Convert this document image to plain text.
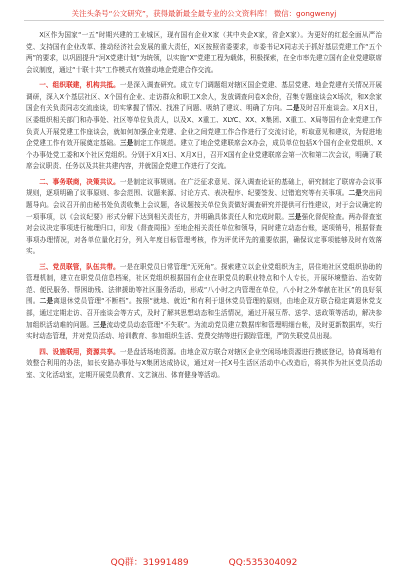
关注头条号“公文研究”，获得最新最全最专业的公文资料库！ 微信：gongwenyj

X区作为国家“一五”时期兴建的工业城区，现有国有企业X家（其中央企X家，省企X家）。为更好的红起全面从严治党、支持国有企业改革、推动经济社会发展的重大责任，X区按照省委要求，市委书记X同志关于抓好基层党建工作“五个两”的要求，以巩固提升“河X党建计划”为统领，以实施“X”党建工程为载体，积极探索，在全市率先建立国有企业党建联席会议制度，通过“十联十共”工作模式有效推动地企党建合作交流。

一、组织联建，机构共抵。一是深入调查研究。成立专门调题组对辖区国企党建、基层党建、地企党建有关情况开展调研，深入X个基层社区、X个国有企业、走访群众和职工X余人，发放调查问卷X余份，召集专题座谈会X场次，和X余家国企有关负责同志交流座谈，切实掌握了情况、找准了问题、吸纳了建议、明确了方向。二是及时召开座谈会。X月X日，区委组织相关部门和办事处、社区等单位负责人，以及X、X重工、XLYC、XX、X集团、X重工、X局等国有企业党建工作负责人开展党建工作座谈会，就如何加强企业党建、企业之间党建工作合作进行了交流讨论，听取意见和建议，为促进地企党建工作有效开展奠定基础。三是制定工作规范。建立了地企党建联席会X办会，成员单位包括X个国有企业党组织、X个办事处党工委和X个社区党组织。分别于X月X日、X月X日，召开X国有企业党建联席会第一次和第二次会议，明确了联席会议职责、任务以及共驻共建内容，并就国企党建工作进行了交流。

二、事务联商，决策共议。一是制定议事规则。在广泛征求意见、深入调查论证的基础上，研究制定了联席办会议事规则，逐项明确了议事原则、参会范围、议题来源、讨论方式、表决程序、纪要签发、过错追究等有关事项。二是突出问题导向。会议召开前由秘书处负责收集上会议题，各议题按关单位负责做好调查研究并提供可行性建议，对于会议确定的一项事项，以《会议纪要》形式分解下达到相关责任方，并明确具体责任人和完成时限。三是强化督促检查。两办督查室对会议决定事项进行梳理归口，印发《督查周报》至地企相关责任单位和领导，同时建立动态台账，逐项销号，根据督查事项办理情况，对各单位量化打分，列入年度目标管理考核，作为评优评先的重要依据，确保议定事项能够及时有效落实。

三、党员联管，队伍共带。一是在职党员日常管理“无死角”。探索建立以企业党组织为主，居住地社区党组织协助的管理机制，建立在职党员信息档案，社区党组织根据国有企业在职党员的职业特点和个人专长，开展环境整治、治安防范、便民服务、帮困助残、法律援助等社区服务活动，形成“八小时之内管理在单位，八小时之外奉献在社区”的良好氛围。二是离退休党员管理“不断档”。按照“就地、就近”和有利于退休党员管理的原则，由地企双方联合稳定离退休党支部，通过定期走访、召开座谈会等方式，及时了解其思想动态和生活情况，通过开展互帮、送学、送政策等活动，解决参加组织活动难的问题。三是流动党员动态管理“不失联”。为流动党员建立数据库和管理明细台帐，及时更新数据库，实行实时动态管理，并对党员活动、培训教育、参加组织生活、党费交纳等进行跟踪管理，严防失联党员出现。

四、设施联用，资源共享。一是盘活场地资源。由地企双方联合对辖区企业空闲场地资源进行摸底登记，协商场地有效整合利用的办法，如长安路办事处与X集团达成协议，通过对一托X号生活区活动中心改造后，将其作为社区党员活动室、文化活动室，定期开展党员教育、文艺演出、体育健身等活动。

QQ群：31991489	QQ:535304092
